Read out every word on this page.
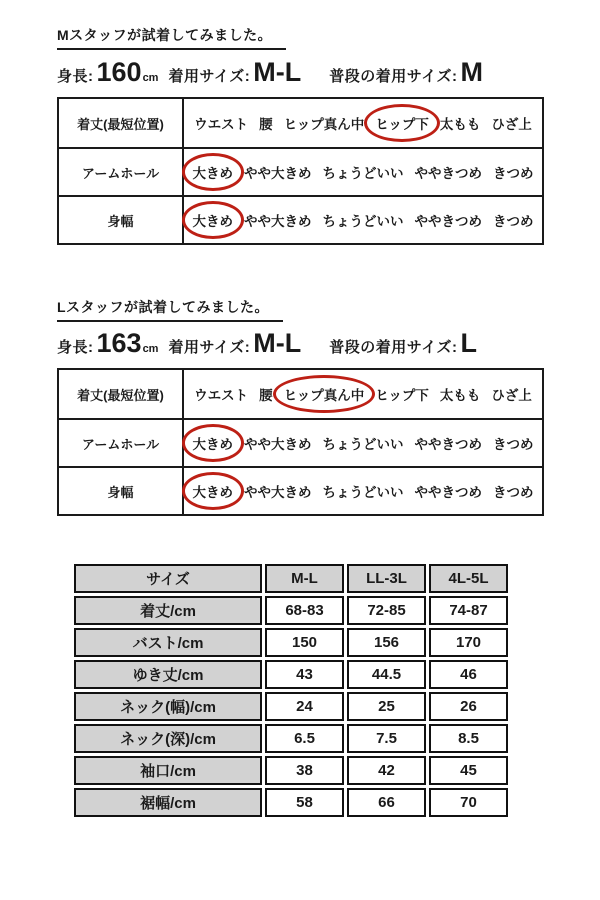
Mスタッフが試着してみました。
身長: 160 cm 着用サイズ: M-L 普段の着用サイズ: M
着丈(最短位置)	ウエスト 腰 ヒップ真ん中 ヒップ下 太もも ひざ上
アームホール	大きめ やや大きめ ちょうどいい ややきつめ きつめ
身幅	大きめ やや大きめ ちょうどいい ややきつめ きつめ
Lスタッフが試着してみました。
身長: 163 cm 着用サイズ: M-L 普段の着用サイズ: L
着丈(最短位置)	ウエスト 腰 ヒップ真ん中 ヒップ下 太もも ひざ上
アームホール	大きめ やや大きめ ちょうどいい ややきつめ きつめ
身幅	大きめ やや大きめ ちょうどいい ややきつめ きつめ
サイズ	M-L	LL-3L	4L-5L
着丈/cm	68-83	72-85	74-87
バスト/cm	150	156	170
ゆき丈/cm	43	44.5	46
ネック(幅)/cm	24	25	26
ネック(深)/cm	6.5	7.5	8.5
袖口/cm	38	42	45
裾幅/cm	58	66	70
